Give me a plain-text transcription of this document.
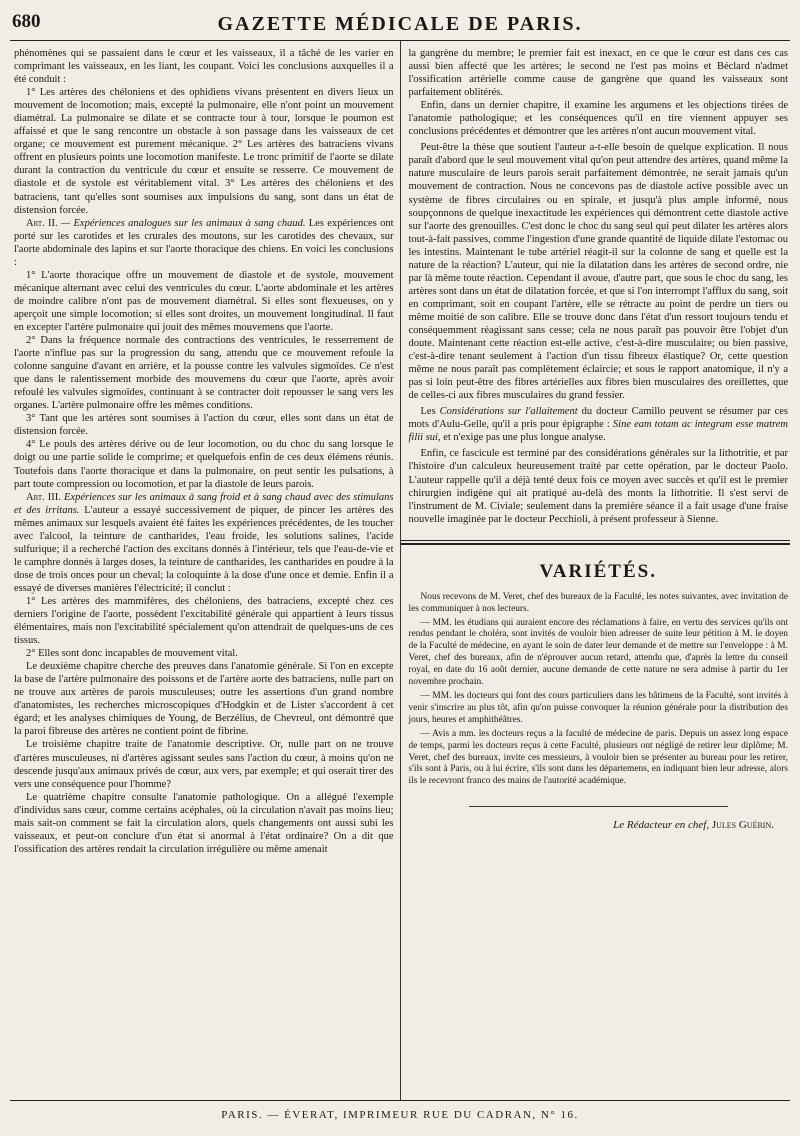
680	GAZETTE MÉDICALE DE PARIS.

phénomènes qui se passaient dans le cœur et les vaisseaux, il a tâché de les varier en comprimant les vaisseaux, en les liant, les coupant. Voici les conclusions auxquelles il a été conduit :

1° Les artères des chéloniens et des ophidiens vivans présentent en divers lieux un mouvement de locomotion; mais, excepté la pulmonaire, elle n'ont point un mouvement diamétral. La pulmonaire se dilate et se contracte tour à tour, lorsque le poumon est affaissé et que le sang rencontre un obstacle à son passage dans les vaisseaux de cet organe; ce mouvement est purement mécanique. 2° Les artères des batraciens vivans offrent en plusieurs points une locomotion manifeste. Le tronc primitif de l'aorte se dilate durant la contraction du ventricule du cœur et ensuite se resserre. Ce mouvement de diastole et de systole est véritablement vital. 3° Les artères des chéloniens et des batraciens, tant qu'elles sont soumises aux impulsions du sang, sont dans un état de distension forcée.

Art. II. — Expériences analogues sur les animaux à sang chaud. Les expériences ont porté sur les carotides et les crurales des moutons, sur les carotides des chevaux, sur l'aorte abdominale des lapins et sur l'aorte thoracique des chiens. En voici les conclusions :

1° L'aorte thoracique offre un mouvement de diastole et de systole, mouvement mécanique alternant avec celui des ventricules du cœur. L'aorte abdominale et les artères de moindre calibre n'ont pas de mouvement diamétral. Si elles sont flexueuses, on y aperçoit une simple locomotion; si elles sont droites, un mouvement longitudinal. Il faut en excepter l'artère pulmonaire qui jouit des mêmes mouvemens que l'aorte.

2° Dans la fréquence normale des contractions des ventricules, le resserrement de l'aorte n'influe pas sur la progression du sang, attendu que ce mouvement refoule la colonne sanguine d'avant en arrière, et la pousse contre les valvules sigmoïdes. Ce n'est que dans le ralentissement morbide des mouvemens du cœur que l'aorte, après avoir refoulé les valvules sigmoïdes, continuant à se contracter doit repousser le sang vers les organes. L'artère pulmonaire offre les mêmes conditions.

3° Tant que les artères sont soumises à l'action du cœur, elles sont dans un état de distension forcée.

4° Le pouls des artères dérive ou de leur locomotion, ou du choc du sang lorsque le doigt ou une partie solide le comprime; et quelquefois enfin de ces deux élémens réunis. Toutefois dans l'aorte thoracique et dans la pulmonaire, on peut sentir les pulsations, à part toute compression ou locomotion, et par la diastole de leurs parois.

Art. III. Expériences sur les animaux à sang froid et à sang chaud avec des stimulans et des irritans. L'auteur a essayé successivement de piquer, de pincer les artères des mêmes animaux sur lesquels avaient été faites les expériences précédentes, de les toucher avec l'alcool, la teinture de cantharides, l'eau froide, les solutions salines, l'acide sulfurique; il a recherché l'action des excitans donnés à l'intérieur, tels que l'eau-de-vie et le camphre donnés à larges doses, la teinture de cantharides, les cantharides en poudre à la dose de trois onces pour un cheval; la coloquinte à la dose d'une once et demie. Enfin il a essayé de diverses manières l'électricité; il conclut :

1° Les artères des mammifères, des chéloniens, des batraciens, excepté chez ces derniers l'origine de l'aorte, possèdent l'excitabilité générale qui appartient à leurs tissus élémentaires, mais non l'excitabilité spécialement qu'on attendrait de quelques-uns de ces tissus.

2° Elles sont donc incapables de mouvement vital.

Le deuxième chapitre cherche des preuves dans l'anatomie générale. Si l'on en excepte la base de l'artère pulmonaire des poissons et de l'artère aorte des batraciens, nulle part on ne trouve aux artères de parois musculeuses; outre les assertions d'un grand nombre d'anatomistes, les recherches microscopiques d'Hodgkin et de Lister s'accordent à cet égard; et les analyses chimiques de Young, de Berzélius, de Chevreul, ont démontré que la paroi fibreuse des artères ne contient point de fibrine.

Le troisième chapitre traite de l'anatomie descriptive. Or, nulle part on ne trouve d'artères musculeuses, ni d'artères agissant seules sans l'action du cœur, à moins qu'on ne descende jusqu'aux animaux privés de cœur, aux vers, par exemple; et qui oserait tirer des vers une conséquence pour l'homme?

Le quatrième chapitre consulte l'anatomie pathologique. On a allégué l'exemple d'individus sans cœur, comme certains acéphales, où la circulation n'avait pas moins lieu; mais sait-on comment se fait la circulation alors, quels changements ont aussi subi les vaisseaux, et peut-on conclure d'un état si anormal à l'état ordinaire? On a dit que l'ossification des artères rendait la circulation irrégulière ou même amenait

la gangrène du membre; le premier fait est inexact, en ce que le cœur est dans ces cas aussi bien affecté que les artères; le second ne l'est pas moins et Béclard n'admet l'ossification artérielle comme cause de gangrène que quand les vaisseaux sont parfaitement oblitérés.

Enfin, dans un dernier chapitre, il examine les argumens et les objections tirées de l'anatomie pathologique; et les conséquences qu'il en tire viennent appuyer ses conclusions précédentes et démontrer que les artères n'ont aucun mouvement vital.

Peut-être la thèse que soutient l'auteur a-t-elle besoin de quelque explication. Il nous paraît d'abord que le seul mouvement vital qu'on peut attendre des artères, quand même la nature musculaire de leurs parois serait parfaitement démontrée, ne serait jamais qu'un mouvement de contraction. Nous ne concevons pas de diastole active possible avec un système de fibres circulaires ou en spirale, et jusqu'à plus ample informé, nous soupçonnons de quelque inexactitude les expériences qui démontrent cette diastole active sur l'aorte des grenouilles. C'est donc le choc du sang seul qui peut dilater les artères alors tout-à-fait passives, comme l'ingestion d'une grande quantité de liquide dilate l'estomac ou les intestins. Maintenant le tube artériel réagit-il sur la colonne de sang et quelle est la nature de la réaction? L'auteur, qui nie la dilatation dans les artères de second ordre, nie par là même toute réaction. Cependant il avoue, d'autre part, que sous le choc du sang, les artères sont dans un état de dilatation forcée, et que si l'on interrompt l'afflux du sang, soit en comprimant, soit en coupant l'artère, elle se rétracte au point de perdre un tiers ou même moitié de son calibre. Elle se trouve donc dans l'état d'un ressort toujours tendu et conséquemment réagissant sans cesse; cela ne nous paraît pas pouvoir être l'objet d'un doute. Maintenant cette réaction est-elle active, c'est-à-dire musculaire; ou bien passive, c'est-à-dire tenant seulement à l'action d'un tissu fibreux élastique? Or, cette question même ne nous paraît pas complètement éclaircie; et sous le rapport anatomique, il n'y a pas si loin peut-être des fibres artérielles aux fibres bien musculaires des oreillettes, que de celles-ci aux fibres musculaires du grand fessier.

Les Considérations sur l'allaitement du docteur Camillo peuvent se résumer par ces mots d'Aulu-Gelle, qu'il a pris pour épigraphe : Sine eam totam ac integram esse matrem filii sui, et n'exige pas une plus longue analyse.

Enfin, ce fascicule est terminé par des considérations générales sur la lithotritie, et par l'histoire d'un calculeux heureusement traité par cette opération, par le docteur Paolo. L'auteur rappelle qu'il a déjà tenté deux fois ce moyen avec succès et qu'il est le premier chirurgien indigène qui ait pratiqué au-delà des monts la lithotritie. Il s'est servi de l'instrument de M. Civiale; seulement dans la première séance il a fait usage d'une fraise nouvelle imaginée par le docteur Pecchioli, à présent professeur à Sienne.

VARIÉTÉS.

Nous recevons de M. Veret, chef des bureaux de la Faculté, les notes suivantes, avec invitation de les communiquer à nos lecteurs.

— MM. les étudians qui auraient encore des réclamations à faire, en vertu des services qu'ils ont rendus pendant le choléra, sont invités de vouloir bien adresser de suite leur pétition à M. le doyen de la Faculté de médecine, en ayant le soin de dater leur demande et de mettre sur l'enveloppe : à M. Veret, chef des bureaux, afin de n'éprouver aucun retard, attendu que, d'après la lettre du conseil royal, en date du 16 août dernier, aucune demande de cette nature ne sera admise à partir du 1er novembre prochain.

— MM. les docteurs qui font des cours particuliers dans les bâtimens de la Faculté, sont invités à venir s'inscrire au plus tôt, afin qu'on puisse convoquer la réunion générale pour la distribution des jours, heures et amphithéâtres.

— Avis a mm. les docteurs reçus a la faculté de médecine de paris. Depuis un assez long espace de temps, parmi les docteurs reçus à cette Faculté, plusieurs ont négligé de retirer leur diplôme; M. Veret, chef des bureaux, invite ces messieurs, à vouloir bien se présenter au bureau pour les retirer, s'ils sont à Paris, ou à lui écrire, s'ils sont dans les départemens, en indiquant bien leur adresse, alors ils le recevront franco des mains de l'autorité académique.

Le Rédacteur en chef, Jules Guérin.
PARIS. — ÉVERAT, IMPRIMEUR RUE DU CADRAN, N° 16.
